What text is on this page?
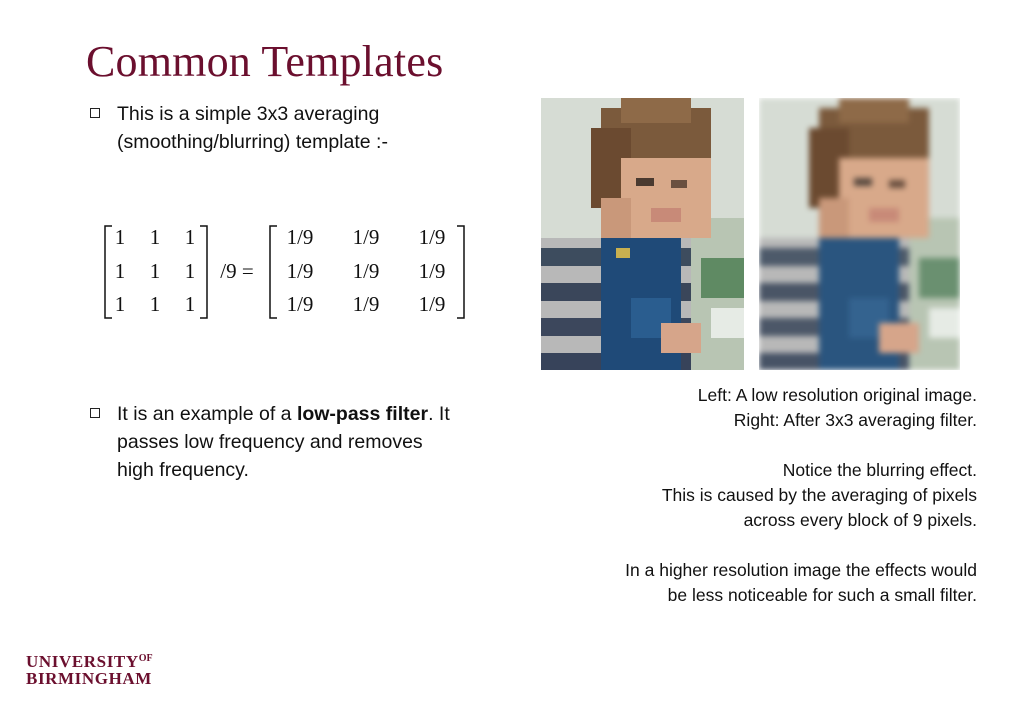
Common Templates
This is a simple 3x3 averaging (smoothing/blurring) template :-
1 1 1
1 1 1
1 1 1
/9 =
1/9 1/9 1/9
1/9 1/9 1/9
1/9 1/9 1/9
It is an example of a low-pass filter. It passes low frequency and removes high frequency.
Left: A low resolution original image.
Right: After 3x3 averaging filter.
Notice the blurring effect.
This is caused by the averaging of pixels
across every block of 9 pixels.
In a higher resolution image the effects would
be less noticeable for such a small filter.
$UNIVERSITY^{OF}$
BIRMINGHAM
